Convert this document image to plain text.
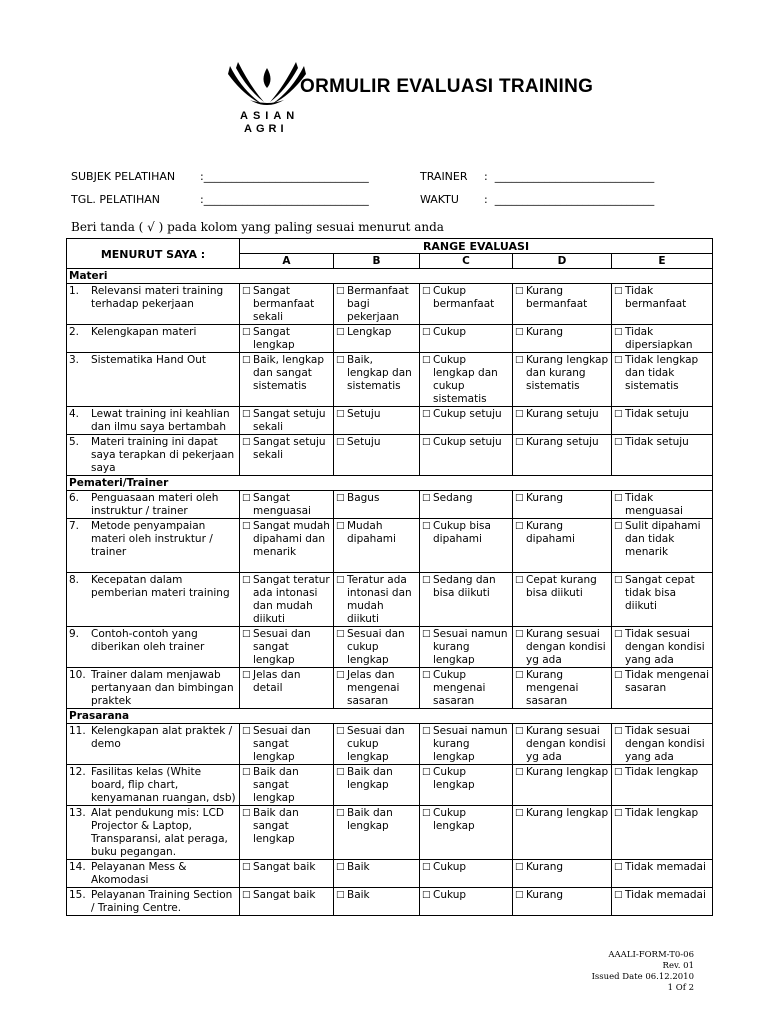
ASIAN
AGRI
ORMULIR EVALUASI TRAINING
SUBJEK PELATIHAN :______________________________	TRAINER :  _____________________________
TGL. PELATIHAN	:______________________________	WAKTU :  _____________________________
Beri tanda ( √ ) pada kolom yang paling sesuai menurut anda
MENURUT SAYA :	RANGE EVALUASI				
	A	B	C	D	E
Materi					

1. Relevansi materi training terhadap pekerjaan	□ Sangat bermanfaat sekali	□ Bermanfaat bagi pekerjaan	□ Cukup bermanfaat	□ Kurang bermanfaat	□ Tidak bermanfaat

2. Kelengkapan materi	□ Sangat lengkap	□ Lengkap	□ Cukup	□ Kurang	□ Tidak dipersiapkan

3. Sistematika Hand Out	□ Baik, lengkap dan sangat sistematis	□ Baik, lengkap dan sistematis	□ Cukup lengkap dan cukup sistematis	□ Kurang lengkap dan kurang sistematis	□ Tidak lengkap dan tidak sistematis

4. Lewat training ini keahlian dan ilmu saya bertambah	□ Sangat setuju sekali	□ Setuju	□ Cukup setuju	□ Kurang setuju	□ Tidak setuju

5. Materi training ini dapat saya terapkan di pekerjaan saya	□ Sangat setuju sekali	□ Setuju	□ Cukup setuju	□ Kurang setuju	□ Tidak setuju

Pemateri/Trainer					

6. Penguasaan materi oleh instruktur / trainer	□ Sangat menguasai	□ Bagus	□ Sedang	□ Kurang	□ Tidak menguasai

7. Metode penyampaian materi oleh instruktur / trainer	□ Sangat mudah dipahami dan menarik	□ Mudah dipahami	□ Cukup bisa dipahami	□ Kurang dipahami	□ Sulit dipahami dan tidak menarik

8. Kecepatan dalam pemberian materi training	□ Sangat teratur ada intonasi dan mudah diikuti	□ Teratur ada intonasi dan mudah diikuti	□ Sedang dan bisa diikuti	□ Cepat kurang bisa diikuti	□ Sangat cepat tidak bisa diikuti

9. Contoh-contoh yang diberikan oleh trainer	□ Sesuai dan sangat lengkap	□ Sesuai dan cukup lengkap	□ Sesuai namun kurang lengkap	□ Kurang sesuai dengan kondisi yg ada	□ Tidak sesuai dengan kondisi yang ada

10. Trainer dalam menjawab pertanyaan dan bimbingan praktek	□ Jelas dan detail	□ Jelas dan mengenai sasaran	□ Cukup mengenai sasaran	□ Kurang mengenai sasaran	□ Tidak mengenai sasaran

Prasarana					

11. Kelengkapan alat praktek / demo	□ Sesuai dan sangat lengkap	□ Sesuai dan cukup lengkap	□ Sesuai namun kurang lengkap	□ Kurang sesuai dengan kondisi yg ada	□ Tidak sesuai dengan kondisi yang ada

12. Fasilitas kelas (White board, flip chart, kenyamanan ruangan, dsb)	□ Baik dan sangat lengkap	□ Baik dan lengkap	□ Cukup lengkap	□ Kurang lengkap	□ Tidak lengkap

13. Alat pendukung mis: LCD Projector & Laptop, Transparansi, alat peraga, buku pegangan.	□ Baik dan sangat lengkap	□ Baik dan lengkap	□ Cukup lengkap	□ Kurang lengkap	□ Tidak lengkap

14. Pelayanan Mess & Akomodasi	□ Sangat baik	□ Baik	□ Cukup	□ Kurang	□ Tidak memadai

15. Pelayanan Training Section / Training Centre.	□ Sangat baik	□ Baik	□ Cukup	□ Kurang	□ Tidak memadai
AAALI-FORM-T0-06
Rev. 01
Issued Date 06.12.2010
1 Of 2
